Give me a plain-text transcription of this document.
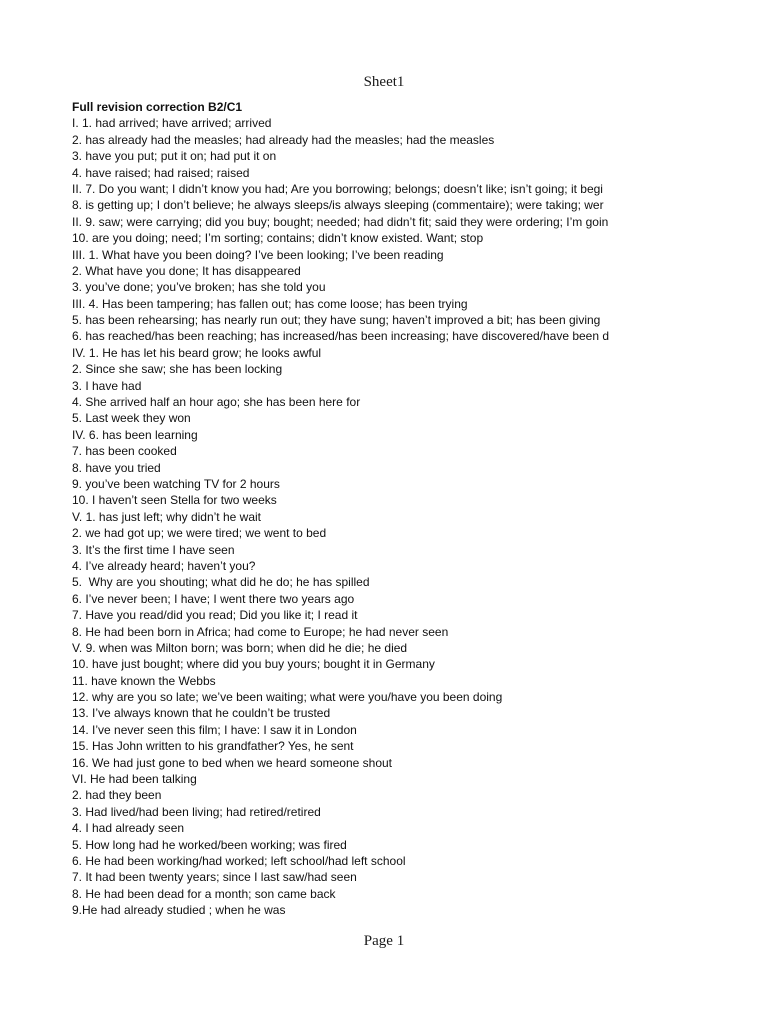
Sheet1
Full revision correction B2/C1
I. 1. had arrived; have arrived; arrived
2. has already had the measles; had already had the measles; had the measles
3. have you put; put it on; had put it on
4. have raised; had raised; raised
II. 7. Do you want; I didn’t know you had; Are you borrowing; belongs; doesn’t like; isn’t going; it begi
8. is getting up; I don’t believe; he always sleeps/is always sleeping (commentaire); were taking; wer
II. 9. saw; were carrying; did you buy; bought; needed; had didn’t fit; said they were ordering; I’m goin
10. are you doing; need; I’m sorting; contains; didn’t know existed. Want; stop
III. 1. What have you been doing? I’ve been looking; I’ve been reading
2. What have you done; It has disappeared
3. you’ve done; you’ve broken; has she told you
III. 4. Has been tampering; has fallen out; has come loose; has been trying
5. has been rehearsing; has nearly run out; they have sung; haven’t improved a bit; has been giving
6. has reached/has been reaching; has increased/has been increasing; have discovered/have been d
IV. 1. He has let his beard grow; he looks awful
2. Since she saw; she has been locking
3. I have had
4. She arrived half an hour ago; she has been here for
5. Last week they won
IV. 6. has been learning
7. has been cooked
8. have you tried
9. you’ve been watching TV for 2 hours
10. I haven’t seen Stella for two weeks
V. 1. has just left; why didn’t he wait
2. we had got up; we were tired; we went to bed
3. It’s the first time I have seen
4. I’ve already heard; haven’t you?
5.  Why are you shouting; what did he do; he has spilled
6. I’ve never been; I have; I went there two years ago
7. Have you read/did you read; Did you like it; I read it
8. He had been born in Africa; had come to Europe; he had never seen
V. 9. when was Milton born; was born; when did he die; he died
10. have just bought; where did you buy yours; bought it in Germany
11. have known the Webbs
12. why are you so late; we’ve been waiting; what were you/have you been doing
13. I’ve always known that he couldn’t be trusted
14. I’ve never seen this film; I have: I saw it in London
15. Has John written to his grandfather? Yes, he sent
16. We had just gone to bed when we heard someone shout
VI. He had been talking
2. had they been
3. Had lived/had been living; had retired/retired
4. I had already seen
5. How long had he worked/been working; was fired
6. He had been working/had worked; left school/had left school
7. It had been twenty years; since I last saw/had seen
8. He had been dead for a month; son came back
9.He had already studied ; when he was
Page 1
